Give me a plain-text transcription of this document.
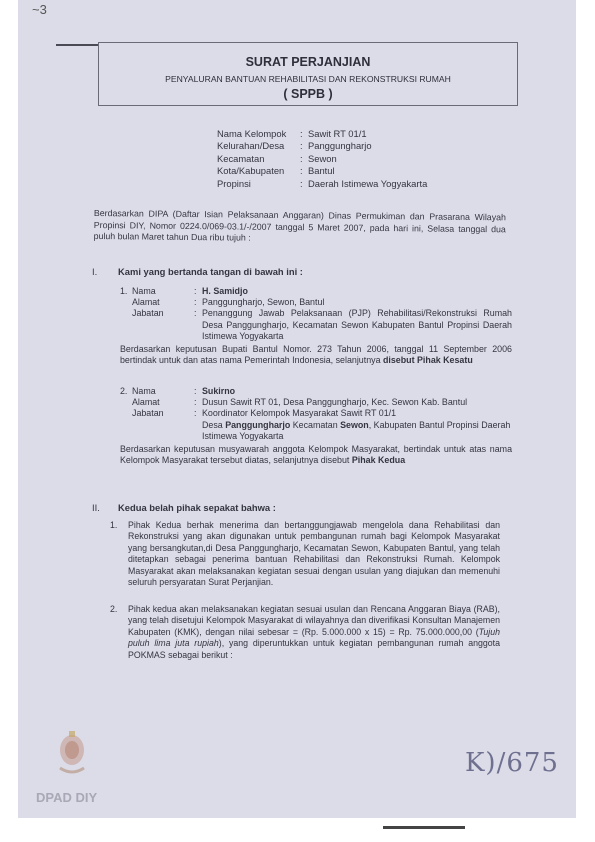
~3
SURAT PERJANJIAN
PENYALURAN BANTUAN REHABILITASI DAN REKONSTRUKSI RUMAH
( SPPB )
Nama Kelompok	: Sawit RT 01/1
Kelurahan/Desa	: Panggungharjo
Kecamatan	: Sewon
Kota/Kabupaten	: Bantul
Propinsi	: Daerah Istimewa Yogyakarta
Berdasarkan DIPA (Daftar Isian Pelaksanaan Anggaran) Dinas Permukiman dan Prasarana Wilayah Propinsi DIY, Nomor 0224.0/069-03.1/-/2007 tanggal 5 Maret 2007, pada hari ini, Selasa tanggal dua puluh bulan Maret tahun Dua ribu tujuh :
I. Kami yang bertanda tangan di bawah ini :
1. Nama	: H. Samidjo
Alamat	: Panggungharjo, Sewon, Bantul
Jabatan	: Penanggung Jawab Pelaksanaan (PJP) Rehabilitasi/Rekonstruksi Rumah Desa Panggungharjo, Kecamatan Sewon Kabupaten Bantul Propinsi Daerah Istimewa Yogyakarta
Berdasarkan keputusan Bupati Bantul Nomor. 273 Tahun 2006, tanggal 11 September 2006 bertindak untuk dan atas nama Pemerintah Indonesia, selanjutnya disebut Pihak Kesatu
2. Nama	: Sukirno
Alamat	: Dusun Sawit RT 01, Desa Panggungharjo, Kec. Sewon Kab. Bantul
Jabatan	: Koordinator Kelompok Masyarakat Sawit RT 01/1
Desa Panggungharjo Kecamatan Sewon, Kabupaten Bantul Propinsi Daerah Istimewa Yogyakarta
Berdasarkan keputusan musyawarah anggota Kelompok Masyarakat, bertindak untuk atas nama Kelompok Masyarakat tersebut diatas, selanjutnya disebut Pihak Kedua
II. Kedua belah pihak sepakat bahwa :
1.	Pihak Kedua berhak menerima dan bertanggungjawab mengelola dana Rehabilitasi dan Rekonstruksi yang akan digunakan untuk pembangunan rumah bagi Kelompok Masyarakat yang bersangkutan,di Desa Panggungharjo, Kecamatan Sewon, Kabupaten Bantul, yang telah ditetapkan sebagai penerima bantuan Rehabilitasi dan Rekonstruksi Rumah. Kelompok Masyarakat akan melaksanakan kegiatan sesuai dengan usulan yang diajukan dan memenuhi seluruh persyaratan Surat Perjanjian.
2.	Pihak kedua akan melaksanakan kegiatan sesuai usulan dan Rencana Anggaran Biaya (RAB), yang telah disetujui Kelompok Masyarakat di wilayahnya dan diverifikasi Konsultan Manajemen Kabupaten (KMK), dengan nilai sebesar = (Rp. 5.000.000 x 15) = Rp. 75.000.000,00 (Tujuh puluh lima juta rupiah), yang diperuntukkan untuk kegiatan pembangunan rumah anggota POKMAS sebagai berikut :
K)/675
DPAD DIY
